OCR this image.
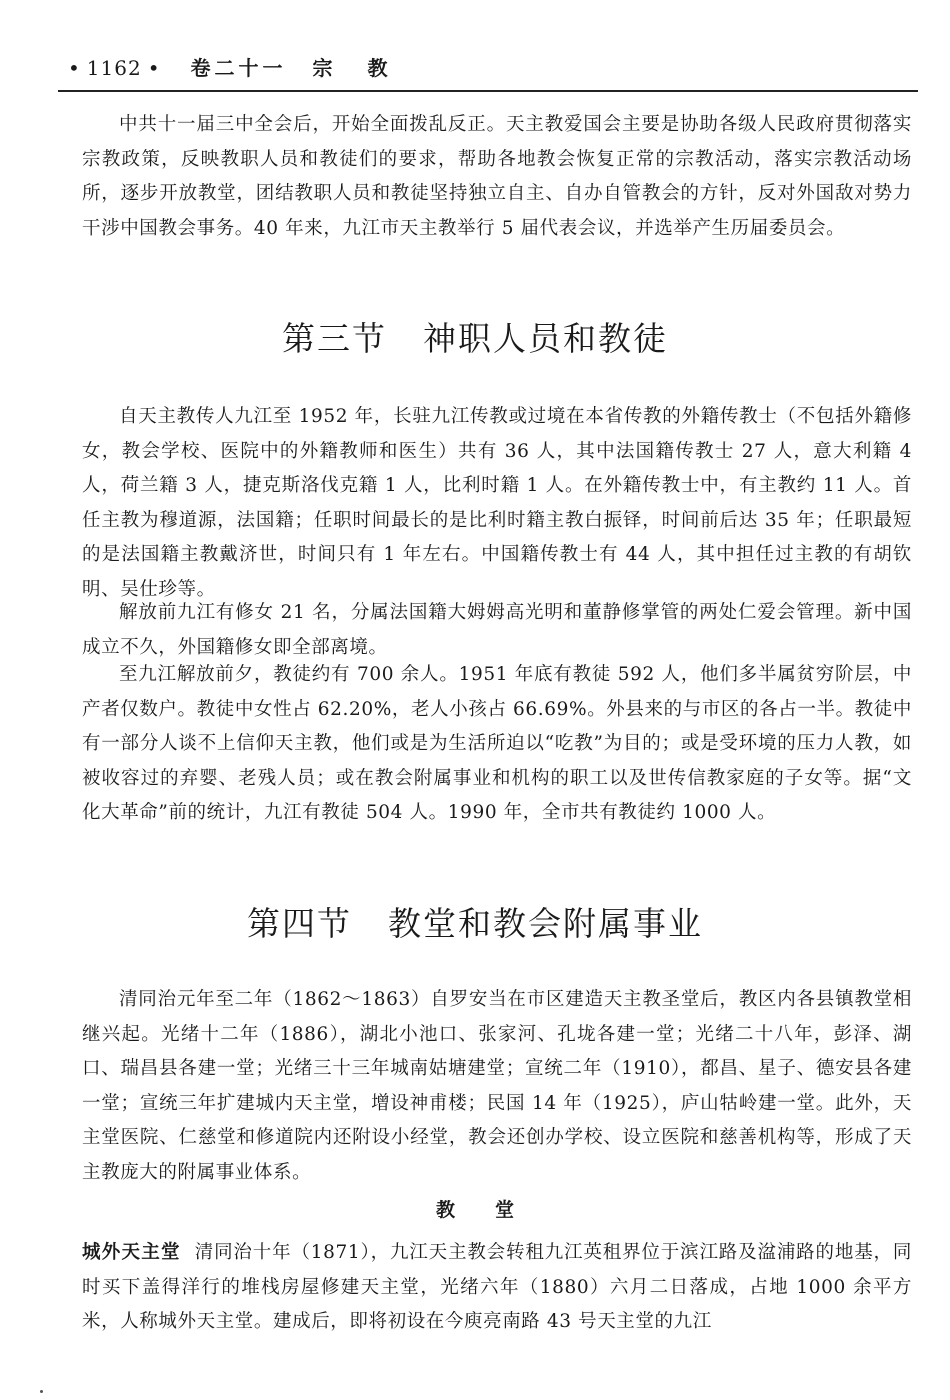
• 1162 • 卷二十一 宗 教

中共十一届三中全会后，开始全面拨乱反正。天主教爱国会主要是协助各级人民政府贯彻落实宗教政策，反映教职人员和教徒们的要求，帮助各地教会恢复正常的宗教活动，落实宗教活动场所，逐步开放教堂，团结教职人员和教徒坚持独立自主、自办自管教会的方针，反对外国敌对势力干涉中国教会事务。40 年来，九江市天主教举行 5 届代表会议，并选举产生历届委员会。

第三节 神职人员和教徒

自天主教传人九江至 1952 年，长驻九江传教或过境在本省传教的外籍传教士（不包括外籍修女，教会学校、医院中的外籍教师和医生）共有 36 人，其中法国籍传教士 27 人，意大利籍 4 人，荷兰籍 3 人，捷克斯洛伐克籍 1 人，比利时籍 1 人。在外籍传教士中，有主教约 11 人。首任主教为穆道源，法国籍；任职时间最长的是比利时籍主教白振铎，时间前后达 35 年；任职最短的是法国籍主教戴济世，时间只有 1 年左右。中国籍传教士有 44 人，其中担任过主教的有胡钦明、吴仕珍等。

解放前九江有修女 21 名，分属法国籍大姆姆高光明和董静修掌管的两处仁爱会管理。新中国成立不久，外国籍修女即全部离境。

至九江解放前夕，教徒约有 700 余人。1951 年底有教徒 592 人，他们多半属贫穷阶层，中产者仅数户。教徒中女性占 62.20%，老人小孩占 66.69%。外县来的与市区的各占一半。教徒中有一部分人谈不上信仰天主教，他们或是为生活所迫以“吃教”为目的；或是受环境的压力人教，如被收容过的弃婴、老残人员；或在教会附属事业和机构的职工以及世传信教家庭的子女等。据“文化大革命”前的统计，九江有教徒 504 人。1990 年，全市共有教徒约 1000 人。

第四节 教堂和教会附属事业

清同治元年至二年（1862～1863）自罗安当在市区建造天主教圣堂后，教区内各县镇教堂相继兴起。光绪十二年（1886），湖北小池口、张家河、孔垅各建一堂；光绪二十八年，彭泽、湖口、瑞昌县各建一堂；光绪三十三年城南姑塘建堂；宣统二年（1910），都昌、星子、德安县各建一堂；宣统三年扩建城内天主堂，增设神甫楼；民国 14 年（1925），庐山牯岭建一堂。此外，天主堂医院、仁慈堂和修道院内还附设小经堂，教会还创办学校、设立医院和慈善机构等，形成了天主教庞大的附属事业体系。

教堂

城外天主堂 清同治十年（1871），九江天主教会转租九江英租界位于滨江路及湓浦路的地基，同时买下盖得洋行的堆栈房屋修建天主堂，光绪六年（1880）六月二日落成，占地 1000 余平方米，人称城外天主堂。建成后，即将初设在今庾亮南路 43 号天主堂的九江
